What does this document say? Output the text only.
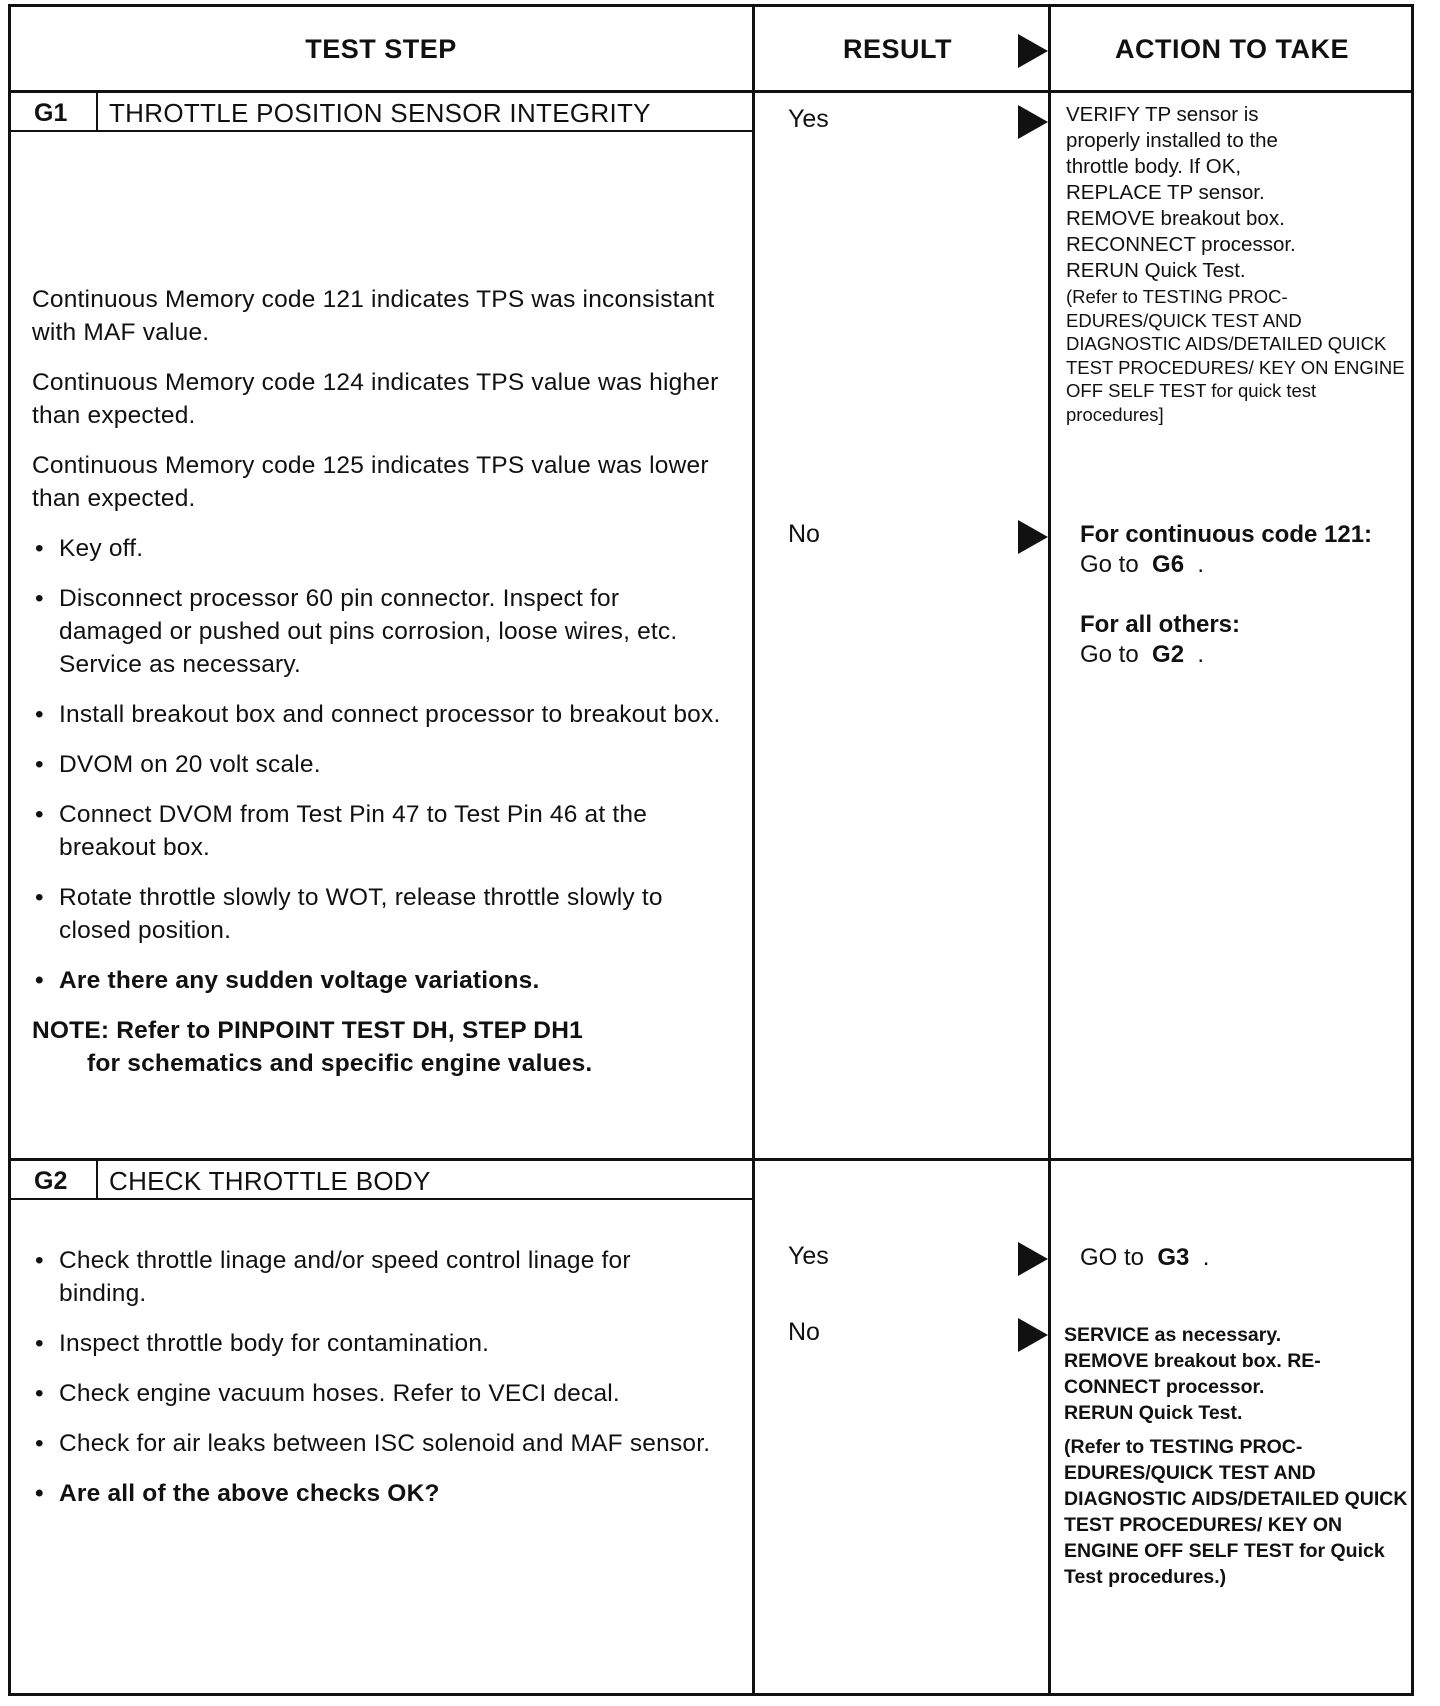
TEST STEP	RESULT	ACTION TO TAKE
G1 THROTTLE POSITION SENSOR INTEGRITY

Continuous Memory code 121 indicates TPS was inconsistant with MAF value.

Continuous Memory code 124 indicates TPS value was higher than expected.

Continuous Memory code 125 indicates TPS value was lower than expected.

• Key off.
• Disconnect processor 60 pin connector. Inspect for damaged or pushed out pins corrosion, loose wires, etc. Service as necessary.
• Install breakout box and connect processor to breakout box.
• DVOM on 20 volt scale.
• Connect DVOM from Test Pin 47 to Test Pin 46 at the breakout box.
• Rotate throttle slowly to WOT, release throttle slowly to closed position.
• Are there any sudden voltage variations.
NOTE: Refer to PINPOINT TEST DH, STEP DH1
for schematics and specific engine values.
Yes	VERIFY TP sensor is properly installed to the throttle body. If OK, REPLACE TP sensor. REMOVE breakout box. RECONNECT processor. RERUN Quick Test.
(Refer to TESTING PROC-EDURES/QUICK TEST AND DIAGNOSTIC AIDS/DETAILED QUICK TEST PROCEDURES/ KEY ON ENGINE OFF SELF TEST for quick test procedures]
No	For continuous code 121:
Go to G6 .
For all others:
Go to G2 .
G2 CHECK THROTTLE BODY
• Check throttle linage and/or speed control linage for binding.
• Inspect throttle body for contamination.
• Check engine vacuum hoses. Refer to VECI decal.
• Check for air leaks between ISC solenoid and MAF sensor.
• Are all of the above checks OK?
Yes	GO to G3 .
No	SERVICE as necessary. REMOVE breakout box. RE-CONNECT processor. RERUN Quick Test.
(Refer to TESTING PROC-EDURES/QUICK TEST AND DIAGNOSTIC AIDS/DETAILED QUICK TEST PROCEDURES/ KEY ON ENGINE OFF SELF TEST for Quick Test procedures.)
